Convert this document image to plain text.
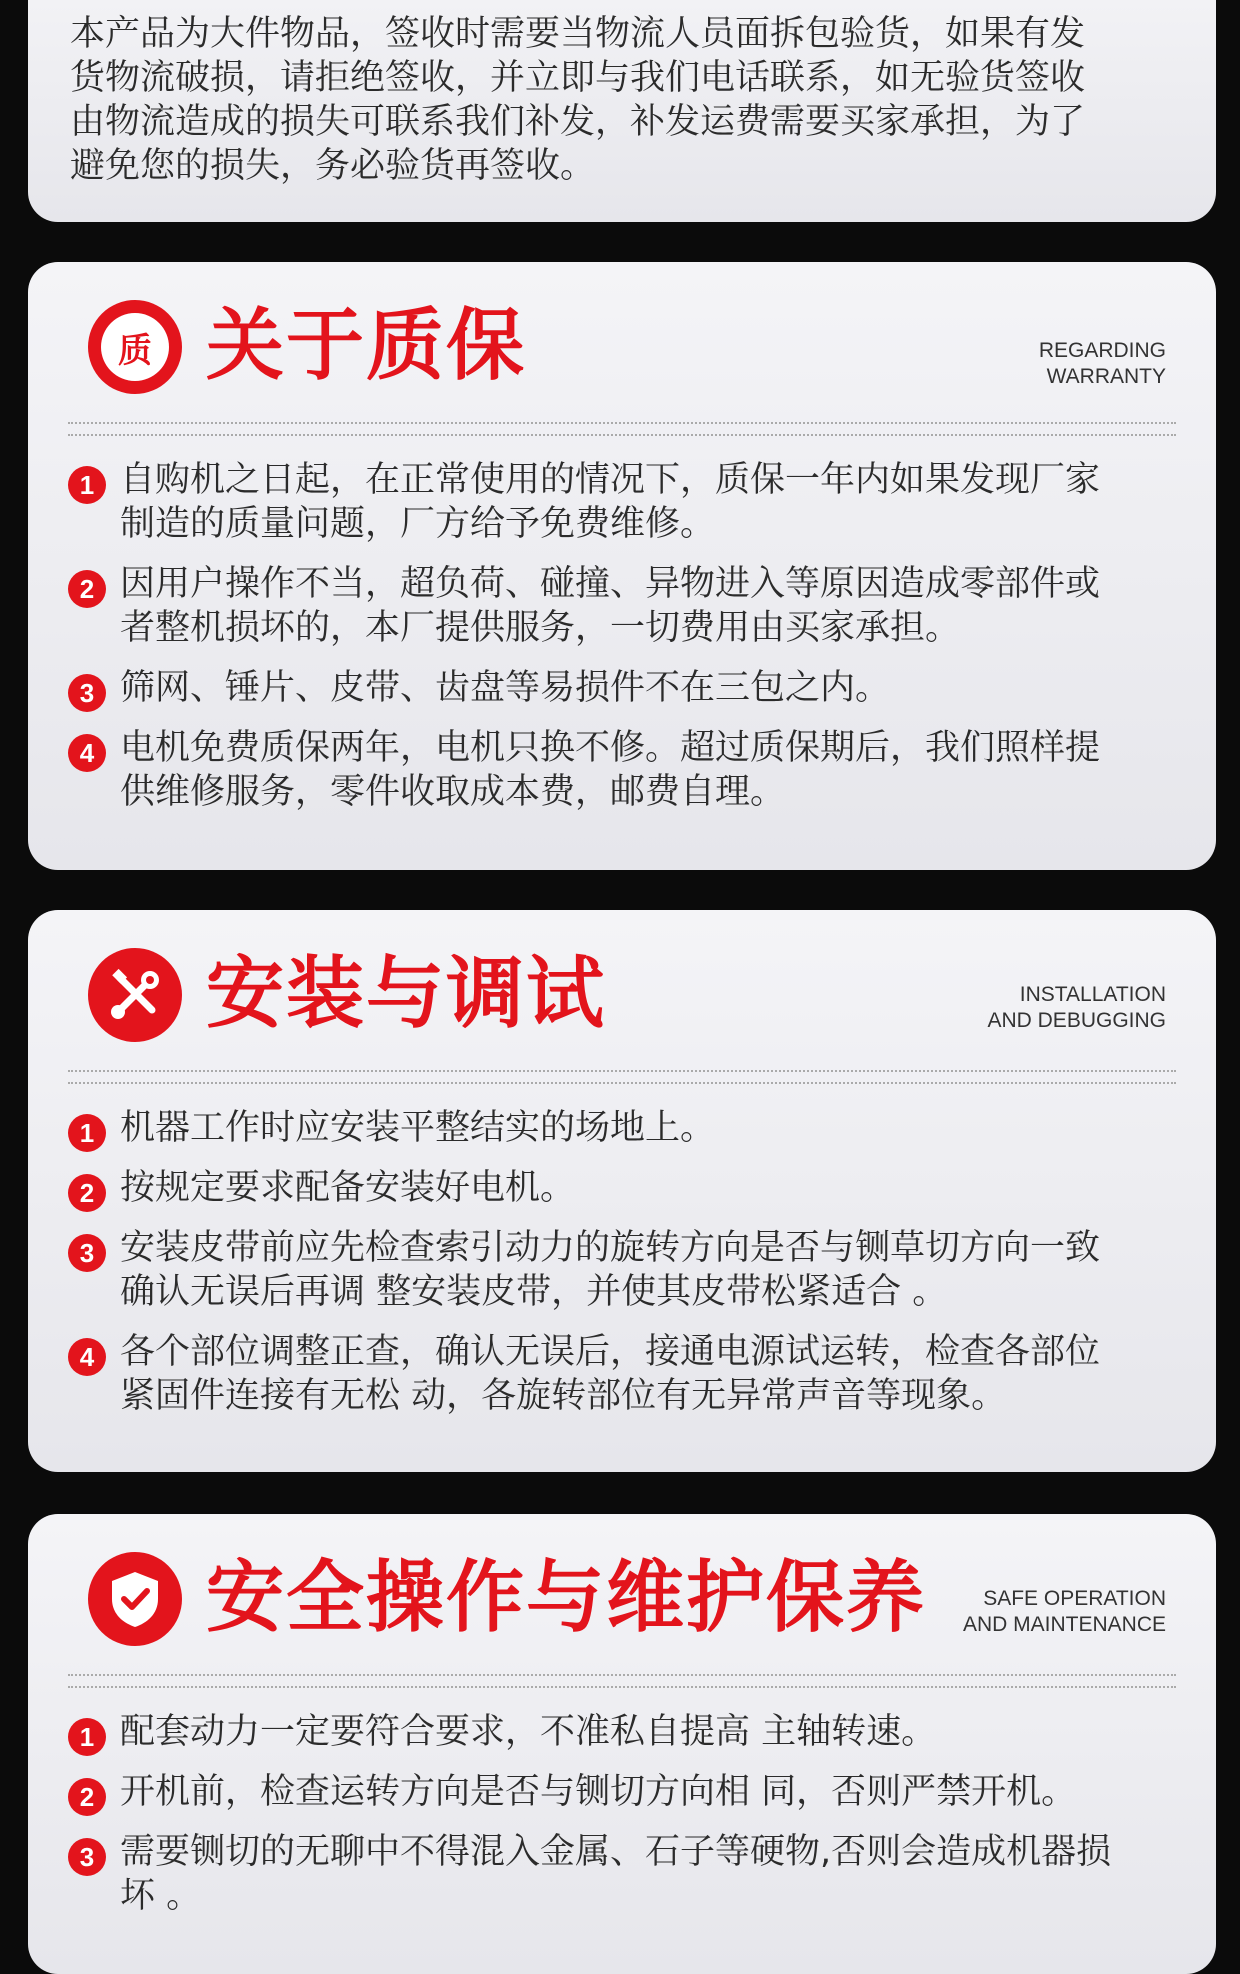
本产品为大件物品，签收时需要当物流人员面拆包验货，如果有发
货物流破损，请拒绝签收，并立即与我们电话联系，如无验货签收
由物流造成的损失可联系我们补发，补发运费需要买家承担，为了
避免您的损失，务必验货再签收。
质 关于质保	REGARDING
WARRANTY
1 自购机之日起，在正常使用的情况下，质保一年内如果发现厂家
制造的质量问题，厂方给予免费维修。
2 因用户操作不当，超负荷、碰撞、异物进入等原因造成零部件或
者整机损坏的，本厂提供服务，一切费用由买家承担。
3 筛网、锤片、皮带、齿盘等易损件不在三包之内。
4 电机免费质保两年，电机只换不修。超过质保期后，我们照样提
供维修服务，零件收取成本费，邮费自理。
安装与调试	INSTALLATION
AND DEBUGGING
1 机器工作时应安装平整结实的场地上。
2 按规定要求配备安装好电机。
3 安装皮带前应先检查索引动力的旋转方向是否与铡草切方向一致
确认无误后再调 整安装皮带，并使其皮带松紧适合 。
4 各个部位调整正查，确认无误后，接通电源试运转，检查各部位
紧固件连接有无松 动，各旋转部位有无异常声音等现象。
安全操作与维护保养	SAFE OPERATION
AND MAINTENANCE
1 配套动力一定要符合要求，不准私自提高 主轴转速。
2 开机前，检查运转方向是否与铡切方向相 同，否则严禁开机。
3 需要铡切的无聊中不得混入金属、石子等硬物,否则会造成机器损
坏 。
